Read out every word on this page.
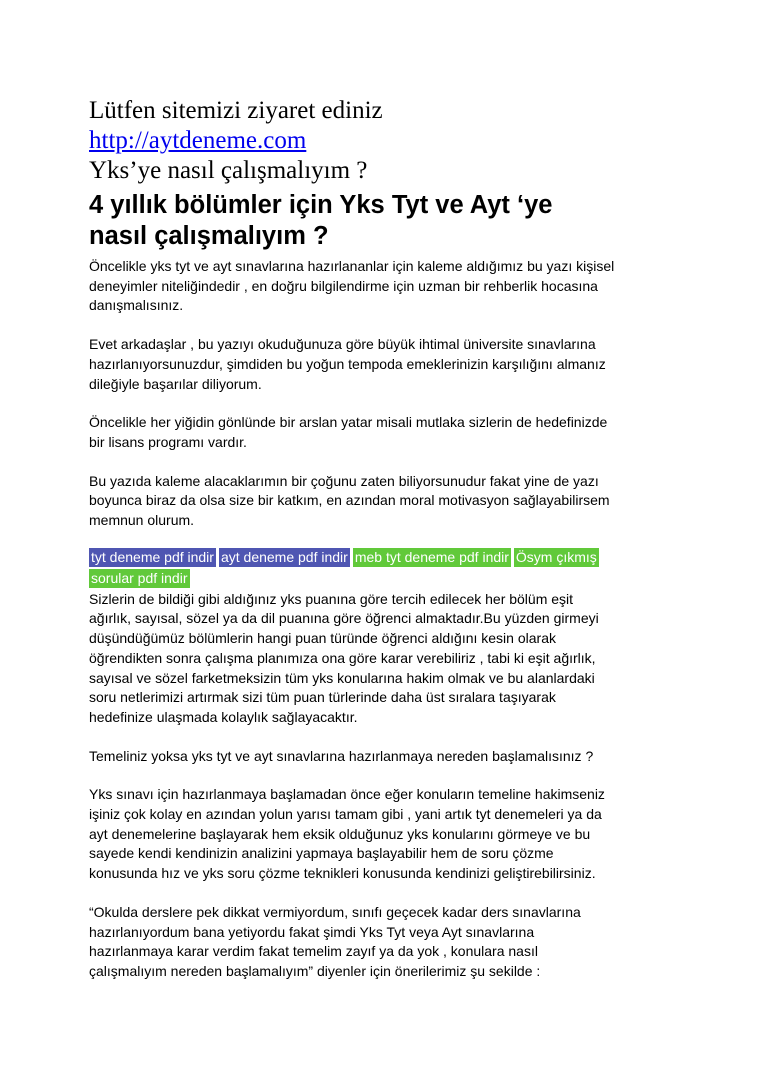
Lütfen sitemizi ziyaret ediniz

http://aytdeneme.com

Yks’ye nasıl çalışmalıyım ?

4 yıllık bölümler için Yks Tyt ve Ayt ‘ye
nasıl çalışmalıyım ?
Öncelikle yks tyt ve ayt sınavlarına hazırlananlar için kaleme aldığımız bu yazı kişisel
deneyimler niteliğindedir , en doğru bilgilendirme için uzman bir rehberlik hocasına
danışmalısınız.
Evet arkadaşlar , bu yazıyı okuduğunuza göre büyük ihtimal üniversite sınavlarına
hazırlanıyorsunuzdur, şimdiden bu yoğun tempoda emeklerinizin karşılığını almanız
dileğiyle başarılar diliyorum.
Öncelikle her yiğidin gönlünde bir arslan yatar misali mutlaka sizlerin de hedefinizde
bir lisans programı vardır.
Bu yazıda kaleme alacaklarımın bir çoğunu zaten biliyorsunudur fakat yine de yazı
boyunca biraz da olsa size bir katkım, en azından moral motivasyon sağlayabilirsem
memnun olurum.
tyt deneme pdf indir ayt deneme pdf indir meb tyt deneme pdf indir Ösym çıkmış
sorular pdf indir
Sizlerin de bildiği gibi aldığınız yks puanına göre tercih edilecek her bölüm eşit
ağırlık, sayısal, sözel ya da dil puanına göre öğrenci almaktadır.Bu yüzden girmeyi
düşündüğümüz bölümlerin hangi puan türünde öğrenci aldığını kesin olarak
öğrendikten sonra çalışma planımıza ona göre karar verebiliriz , tabi ki eşit ağırlık,
sayısal ve sözel farketmeksizin tüm yks konularına hakim olmak ve bu alanlardaki
soru netlerimizi artırmak sizi tüm puan türlerinde daha üst sıralara taşıyarak
hedefinize ulaşmada kolaylık sağlayacaktır.
Temeliniz yoksa yks tyt ve ayt sınavlarına hazırlanmaya nereden başlamalısınız ?
Yks sınavı için hazırlanmaya başlamadan önce eğer konuların temeline hakimseniz
işiniz çok kolay en azından yolun yarısı tamam gibi , yani artık tyt denemeleri ya da
ayt denemelerine başlayarak hem eksik olduğunuz yks konularını görmeye ve bu
sayede kendi kendinizin analizini yapmaya başlayabilir hem de soru çözme
konusunda hız ve yks soru çözme teknikleri konusunda kendinizi geliştirebilirsiniz.
“Okulda derslere pek dikkat vermiyordum, sınıfı geçecek kadar ders sınavlarına
hazırlanıyordum bana yetiyordu fakat şimdi Yks Tyt veya Ayt sınavlarına
hazırlanmaya karar verdim fakat temelim zayıf ya da yok , konulara nasıl
çalışmalıyım nereden başlamalıyım” diyenler için önerilerimiz şu sekilde :
